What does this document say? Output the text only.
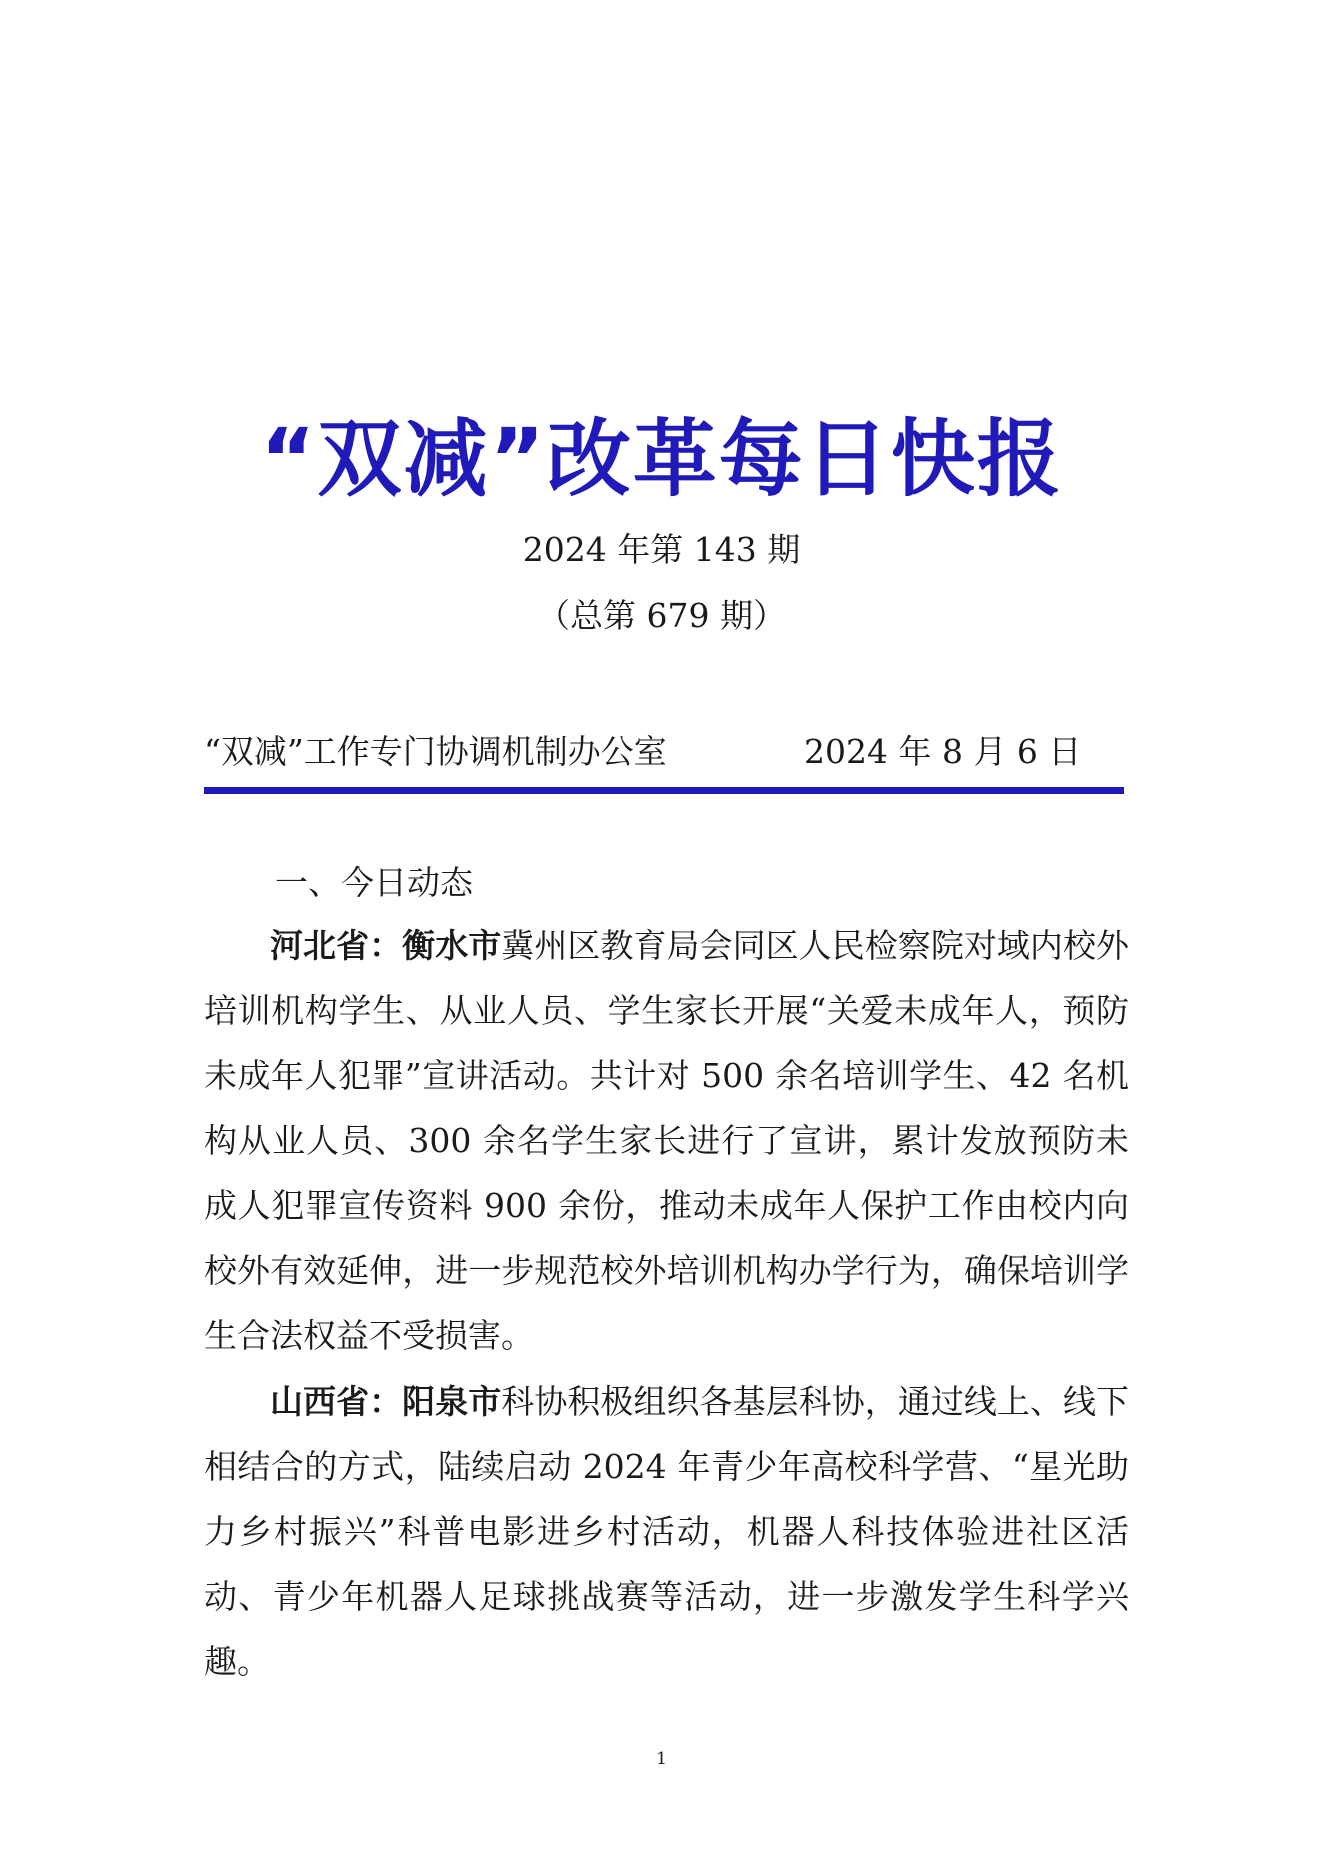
“双减”改革每日快报
2024 年第 143 期
（总第 679 期）
“双减”工作专门协调机制办公室	2024 年 8 月 6 日
一、今日动态

河北省：衡水市冀州区教育局会同区人民检察院对域内校外培训机构学生、从业人员、学生家长开展“关爱未成年人，预防未成年人犯罪”宣讲活动。共计对 500 余名培训学生、42 名机构从业人员、300 余名学生家长进行了宣讲，累计发放预防未成人犯罪宣传资料 900 余份，推动未成年人保护工作由校内向校外有效延伸，进一步规范校外培训机构办学行为，确保培训学生合法权益不受损害。

山西省：阳泉市科协积极组织各基层科协，通过线上、线下相结合的方式，陆续启动 2024 年青少年高校科学营、“星光助力乡村振兴”科普电影进乡村活动，机器人科技体验进社区活动、青少年机器人足球挑战赛等活动，进一步激发学生科学兴趣。

1
